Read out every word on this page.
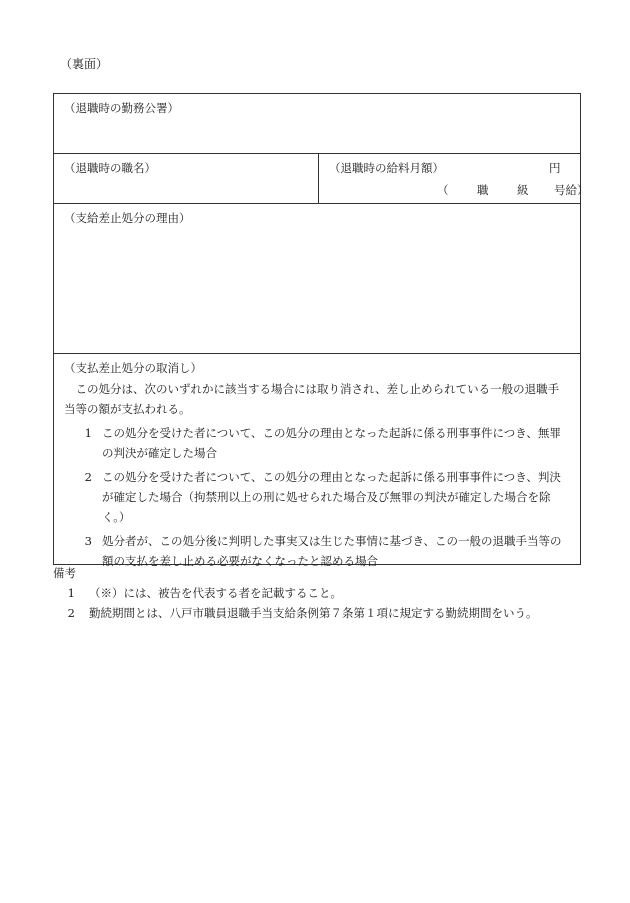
（裏面）
（退職時の勤務公署）
（退職時の職名）	（退職時の給料月額）	円
（ 職 級 号給）
（支給差止処分の理由）
（支払差止処分の取消し）

この処分は、次のいずれかに該当する場合には取り消され、差し止められている一般の退職手当等の額が支払われる。

1 この処分を受けた者について、この処分の理由となった起訴に係る刑事事件につき、無罪の判決が確定した場合
2 この処分を受けた者について、この処分の理由となった起訴に係る刑事事件につき、判決が確定した場合（拘禁刑以上の刑に処せられた場合及び無罪の判決が確定した場合を除く。）
3 処分者が、この処分後に判明した事実又は生じた事情に基づき、この一般の退職手当等の額の支払を差し止める必要がなくなったと認める場合
備考
1	（※）には、被告を代表する者を記載すること。
2	勤続期間とは、八戸市職員退職手当支給条例第７条第１項に規定する勤続期間をいう。
